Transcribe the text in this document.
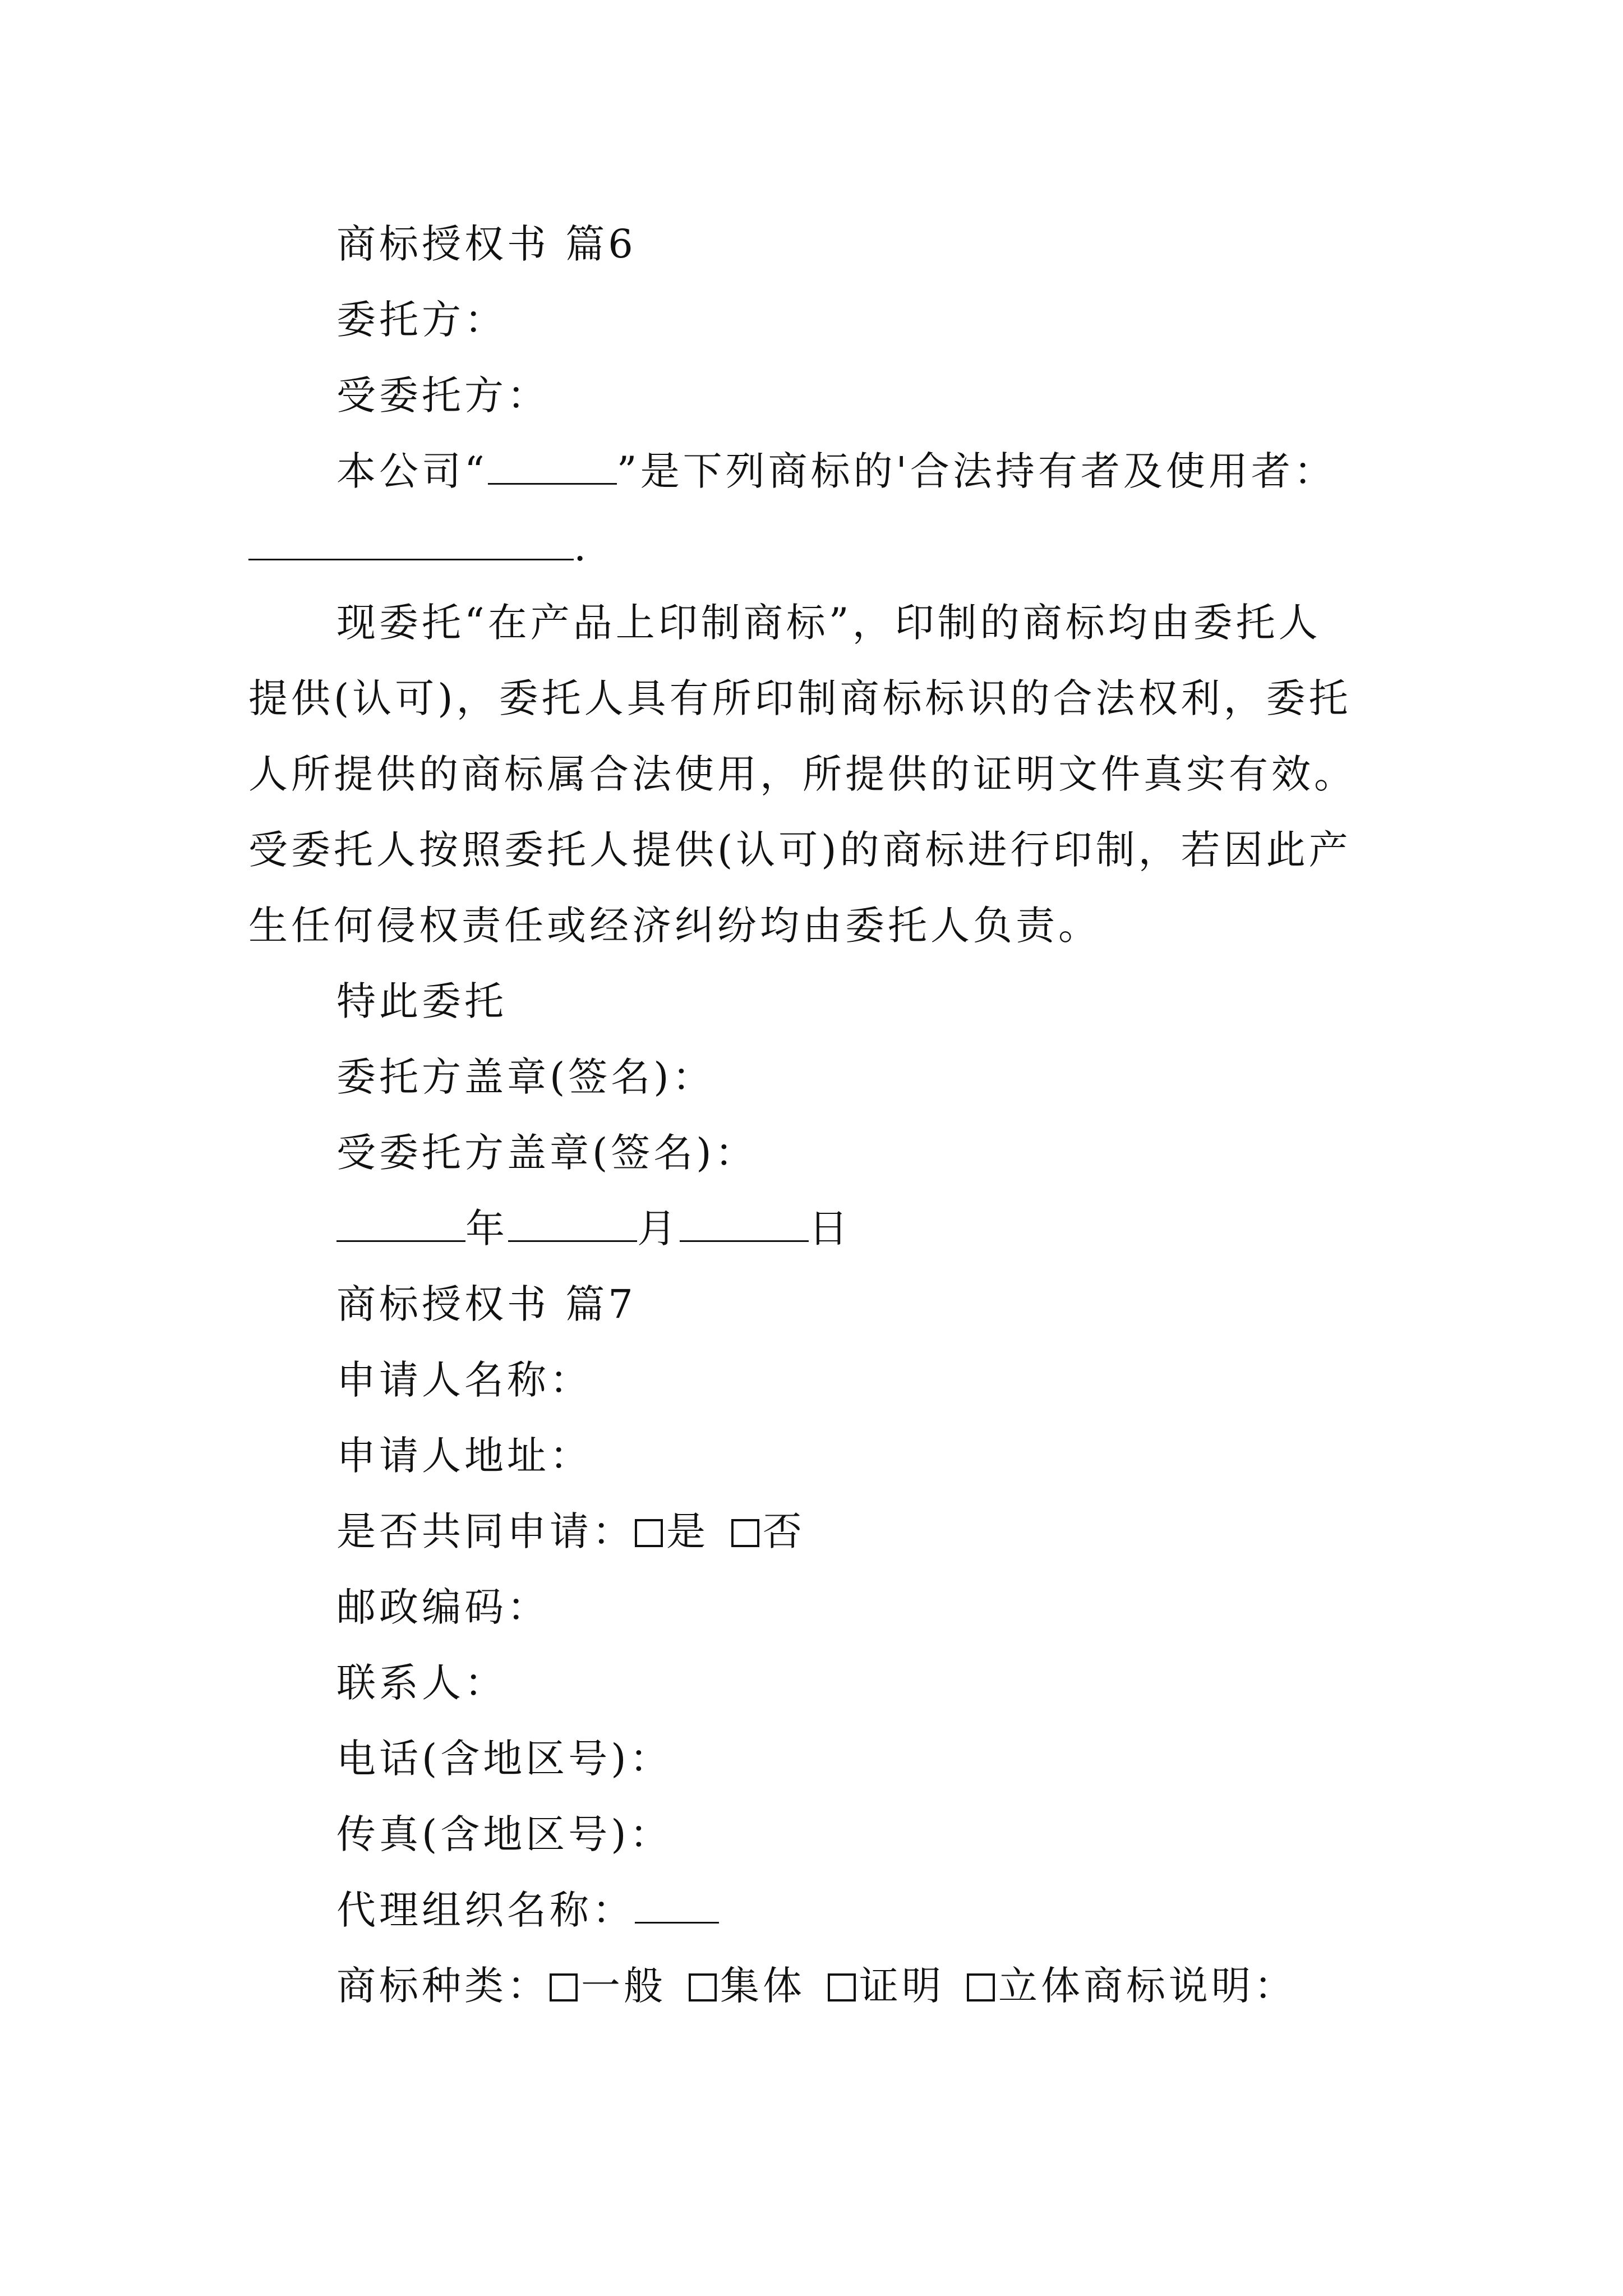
商标授权书 篇6
委托方：
受委托方：
本公司“	”是下列商标的'合法持有者及使用者：
.
现委托“在产品上印制商标”，印制的商标均由委托人
提供(认可)，委托人具有所印制商标标识的合法权利，委托
人所提供的商标属合法使用，所提供的证明文件真实有效。
受委托人按照委托人提供(认可)的商标进行印制，若因此产
生任何侵权责任或经济纠纷均由委托人负责。
特此委托
委托方盖章(签名)：
受委托方盖章(签名)：
年	月	日
商标授权书 篇7
申请人名称：
申请人地址：
是否共同申请： 是 否
邮政编码：
联系人：
电话(含地区号)：
传真(含地区号)：
代理组织名称：
商标种类： 一般 集体 证明 立体商标说明：
